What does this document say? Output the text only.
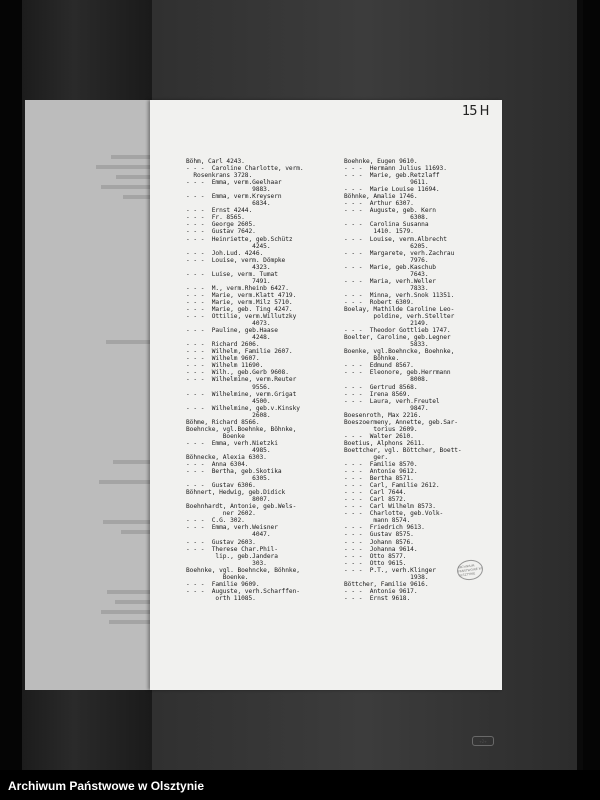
15 H
Böhm, Carl 4243.
- - -  Caroline Charlotte, verm.
Rosenkrans 3728.
- - -  Emma, verm.Geelhaar
9883.
- - -  Emma, verm.Kreysern
6834.
- - -  Ernst 4244.
- - -  Fr. 8565.
- - -  George 2605.
- - -  Gustav 7642.
- - -  Heinriette, geb.Schütz
4245.
- - -  Joh.Lud. 4246.
- - -  Louise, verm. Dömpke
4323.
- - -  Luise, verm. Tumat
7491.
- - -  M., verm.Rheinb 6427.
- - -  Marie, verm.Klatt 4719.
- - -  Marie, verm.Milz 5710.
- - -  Marie, geb. Ting 4247.
- - -  Ottilie, verm.Willutzky
4073.
- - -  Pauline, geb.Haase
4248.
- - -  Richard 2606.
- - -  Wilhelm, Familie 2607.
- - -  Wilhelm 9607.
- - -  Wilhelm 11690.
- - -  Wilh., geb.Gerb 9608.
- - -  Wilhelmine, verm.Reuter
9556.
- - -  Wilhelmine, verm.Grigat
4500.
- - -  Wilhelmine, geb.v.Kinsky
2608.
Böhme, Richard 8566.
Boehncke, vgl.Boehnke, Böhnke,
Boenke
- - -  Emma, verh.Nietzki
4985.
Böhnecke, Alexia 6303.
- - -  Anna 6304.
- - -  Bertha, geb.Skotika
6305.
- - -  Gustav 6306.
Böhnert, Hedwig, geb.Didick
8007.
Boehnhardt, Antonie, geb.Wels-
ner 2602.
- - -  C.G. 302.
- - -  Emma, verh.Weisner
4047.
- - -  Gustav 2603.
- - -  Therese Char.Phil-
lip., geb.Jandera
303.
Boehnke, vgl. Boehncke, Böhnke,
Boenke.
- - -  Familie 9609.
- - -  Auguste, verh.Scharffen-
orth 11085.
Boehnke, Eugen 9610.
- - -  Hermann Julius 11693.
- - -  Marie, geb.Retzlaff
9611.
- - -  Marie Louise 11694.
Böhnke, Amalie 1746.
- - -  Arthur 6307.
- - -  Auguste, geb. Kern
6308.
- - -  Carolina Susanna
1410. 1579.
- - -  Louise, verm.Albrecht
6205.
- - -  Margarete, verh.Zachrau
7976.
- - -  Marie, geb.Kaschub
7643.
- - -  Maria, verh.Weller
7833.
- - -  Minna, verh.Snok 11351.
- - -  Robert 6309.
Boelay, Mathilde Caroline Leo-
poldine, verh.Stellter
2149.
- - -  Theodor Gottlieb 1747.
Boelter, Caroline, geb.Legner
5833.
Boenke, vgl.Boehncke, Boehnke,
Böhnke.
- - -  Edmund 8567.
- - -  Eleonore, geb.Herrmann
8008.
- - -  Gertrud 8568.
- - -  Irena 8569.
- - -  Laura, verh.Freutel
9847.
Boesenroth, Max 2216.
Boeszoermeny, Annette, geb.Sar-
torius 2609.
- - -  Walter 2610.
Boetius, Alphons 2611.
Boettcher, vgl. Böttcher, Boett-
ger.
- - -  Familie 8570.
- - -  Antonie 9612.
- - -  Bertha 8571.
- - -  Carl, Familie 2612.
- - -  Carl 7644.
- - -  Carl 8572.
- - -  Carl Wilhelm 8573.
- - -  Charlotte, geb.Volk-
mann 8574.
- - -  Friedrich 9613.
- - -  Gustav 8575.
- - -  Johann 8576.
- - -  Johanna 9614.
- - -  Otto 8577.
- - -  Otto 9615.
- - -  P.T., verh.Klinger
1938.
Böttcher, Familie 9616.
- - -  Antonie 9617.
- - -  Ernst 9618.
ARCHIWUM PAŃSTWOWE W OLSZTYNIE
+2+
Archiwum Państwowe w Olsztynie
